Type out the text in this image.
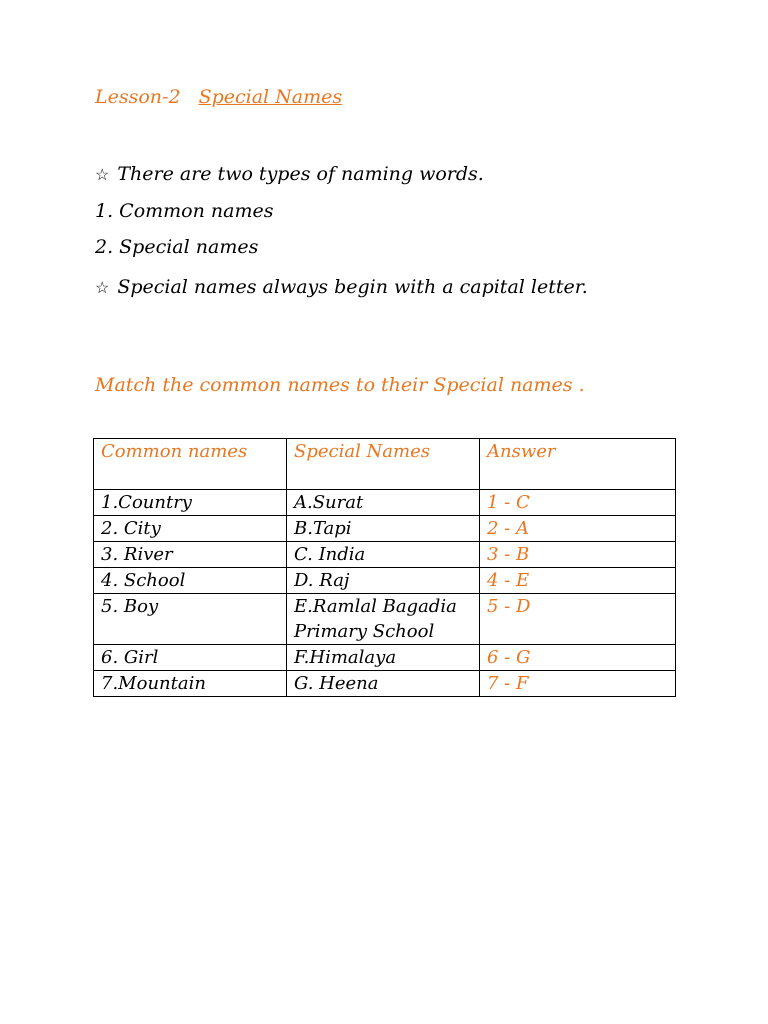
Lesson-2 Special Names
☆ There are two types of naming words.
1. Common names
2. Special names
☆ Special names always begin with a capital letter.
Match the common names to their Special names .
Common names	Special Names	Answer
1.Country	A.Surat	1 - C
2. City	B.Tapi	2 - A
3. River	C. India	3 - B
4. School	D. Raj	4 - E
5. Boy	E.Ramlal Bagadia Primary School	5 - D
6. Girl	F.Himalaya	6 - G
7.Mountain	G. Heena	7 - F
